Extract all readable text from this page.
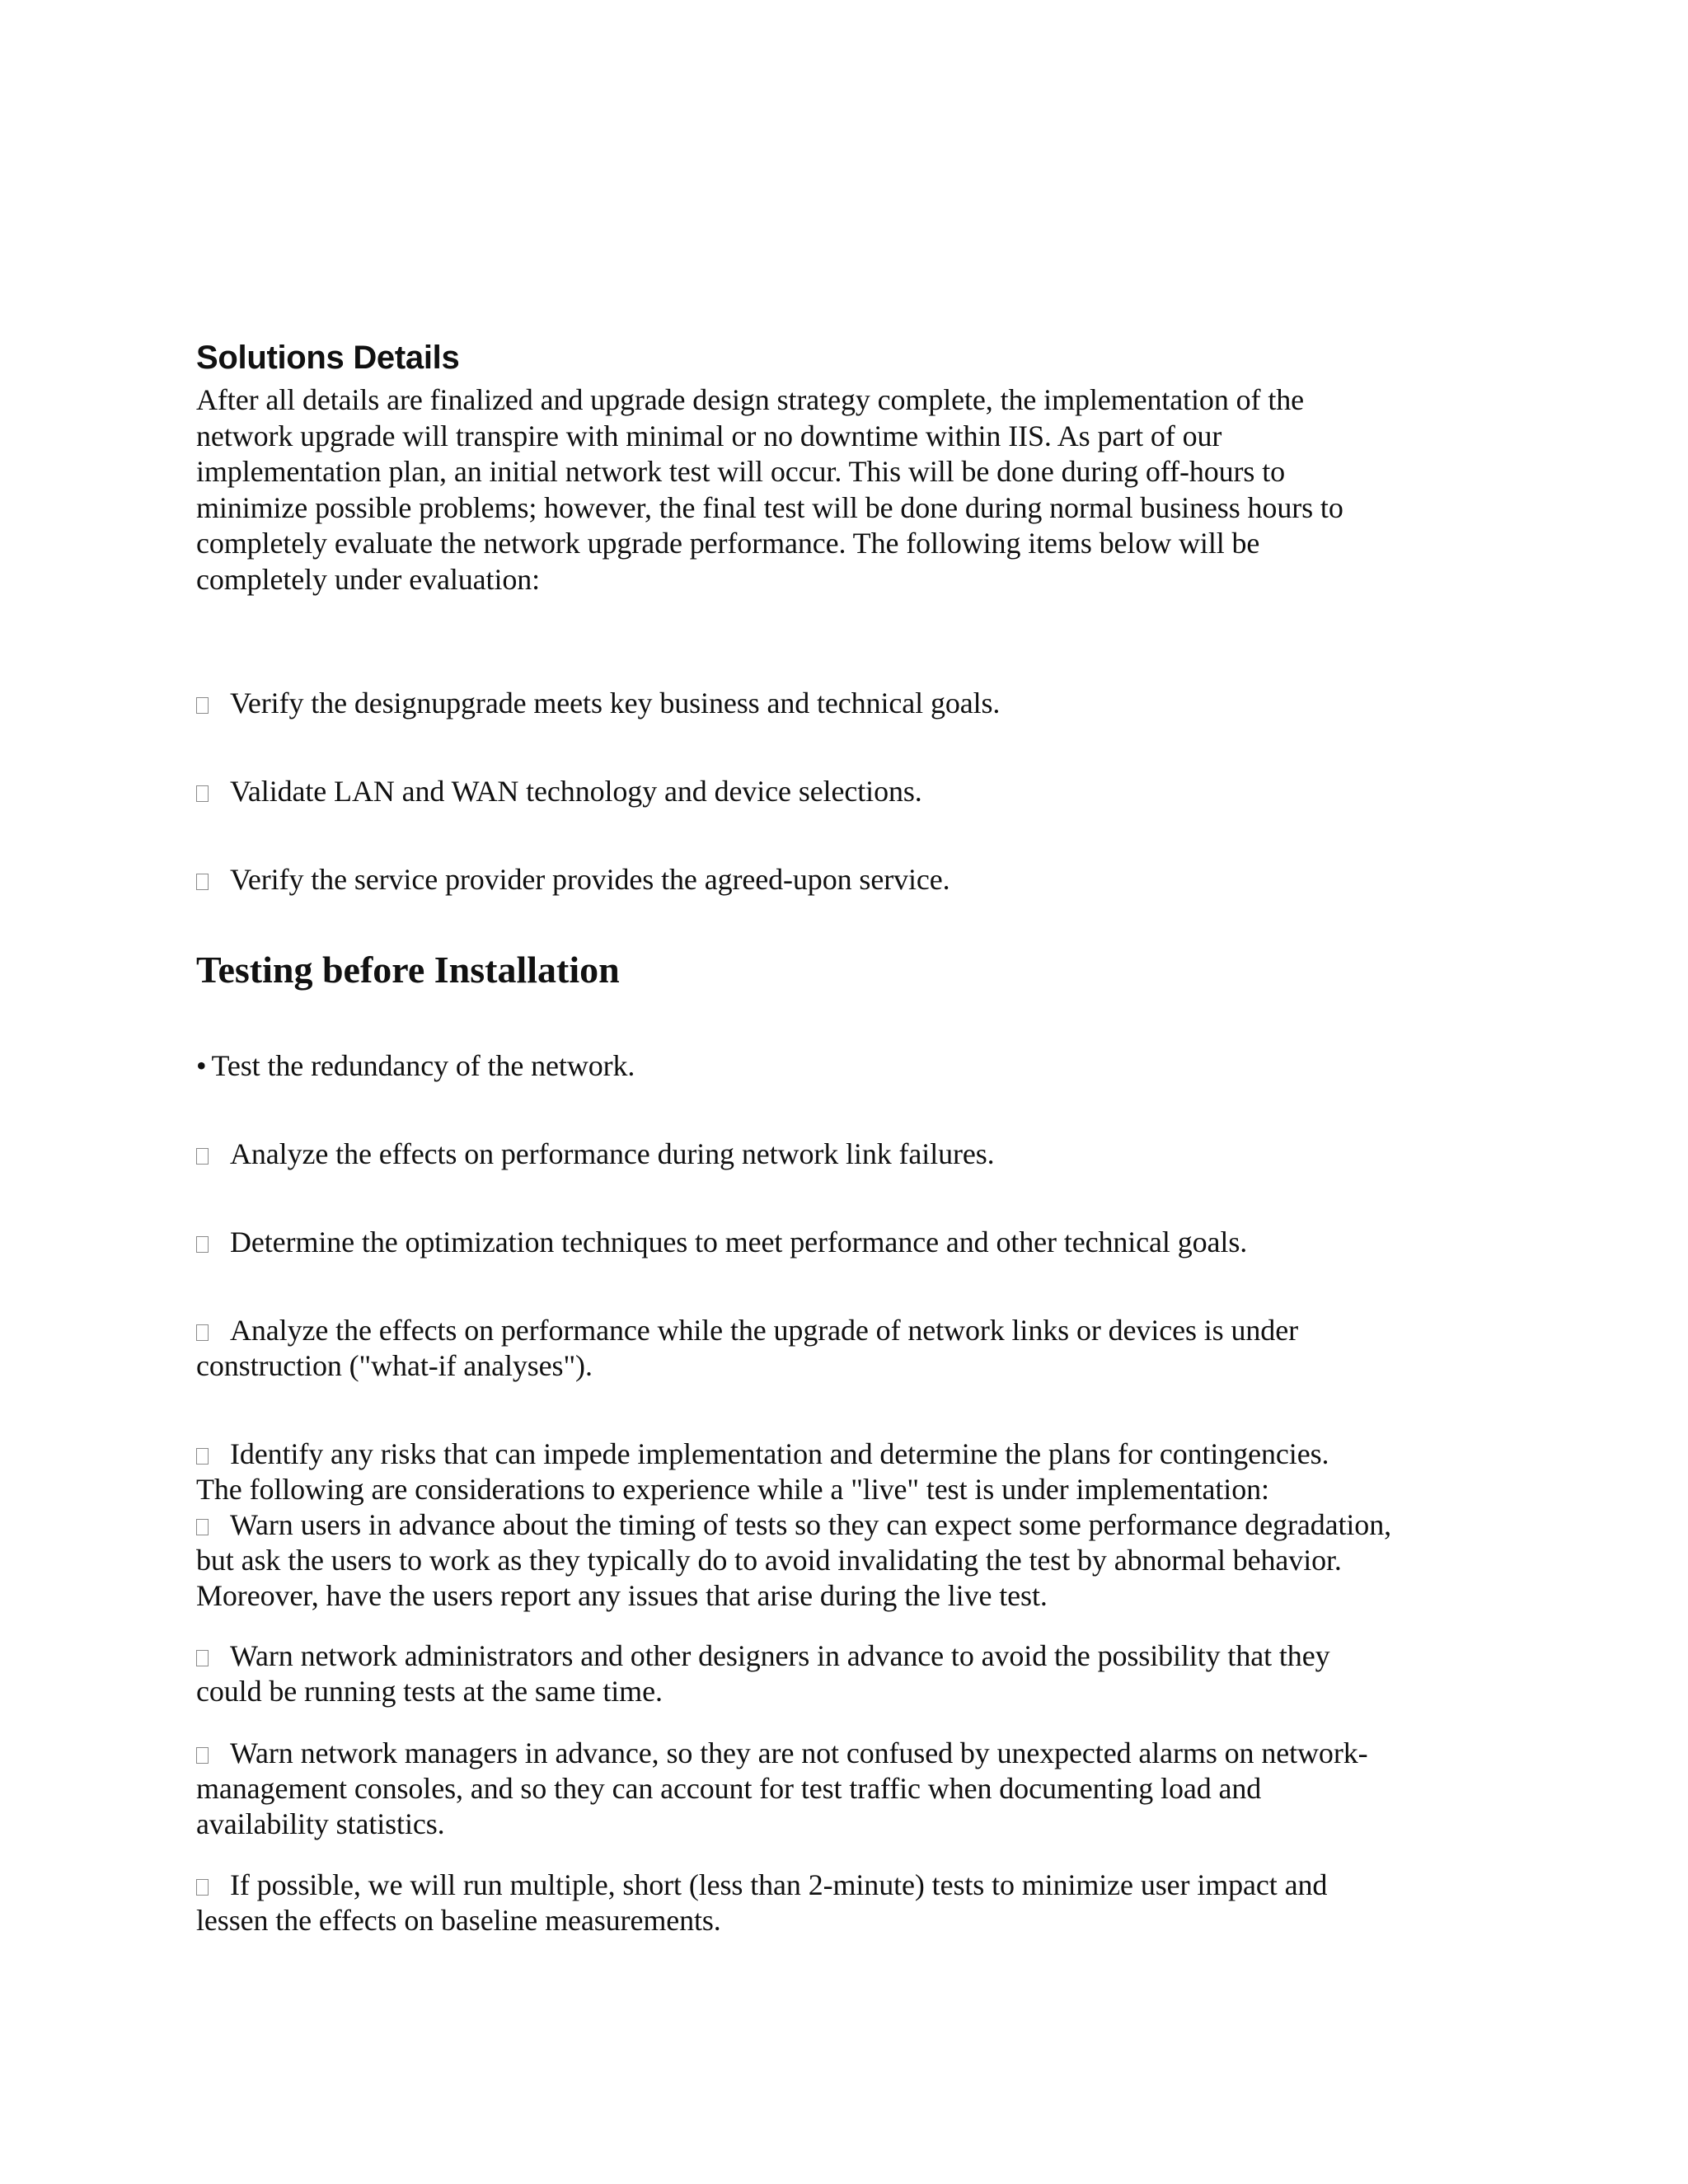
Solutions Details
After all details are finalized and upgrade design strategy complete, the implementation of the
network upgrade will transpire with minimal or no downtime within IIS. As part of our
implementation plan, an initial network test will occur. This will be done during off-hours to
minimize possible problems; however, the final test will be done during normal business hours to
completely evaluate the network upgrade performance. The following items below will be
completely under evaluation:
Verify the designupgrade meets key business and technical goals.
Validate LAN and WAN technology and device selections.
Verify the service provider provides the agreed-upon service.
Testing before Installation
• Test the redundancy of the network.
Analyze the effects on performance during network link failures.
Determine the optimization techniques to meet performance and other technical goals.
Analyze the effects on performance while the upgrade of network links or devices is under
construction ("what-if analyses").
Identify any risks that can impede implementation and determine the plans for contingencies.
The following are considerations to experience while a "live" test is under implementation:
Warn users in advance about the timing of tests so they can expect some performance degradation,
but ask the users to work as they typically do to avoid invalidating the test by abnormal behavior.
Moreover, have the users report any issues that arise during the live test.
Warn network administrators and other designers in advance to avoid the possibility that they
could be running tests at the same time.
Warn network managers in advance, so they are not confused by unexpected alarms on network-
management consoles, and so they can account for test traffic when documenting load and
availability statistics.
If possible, we will run multiple, short (less than 2-minute) tests to minimize user impact and
lessen the effects on baseline measurements.
